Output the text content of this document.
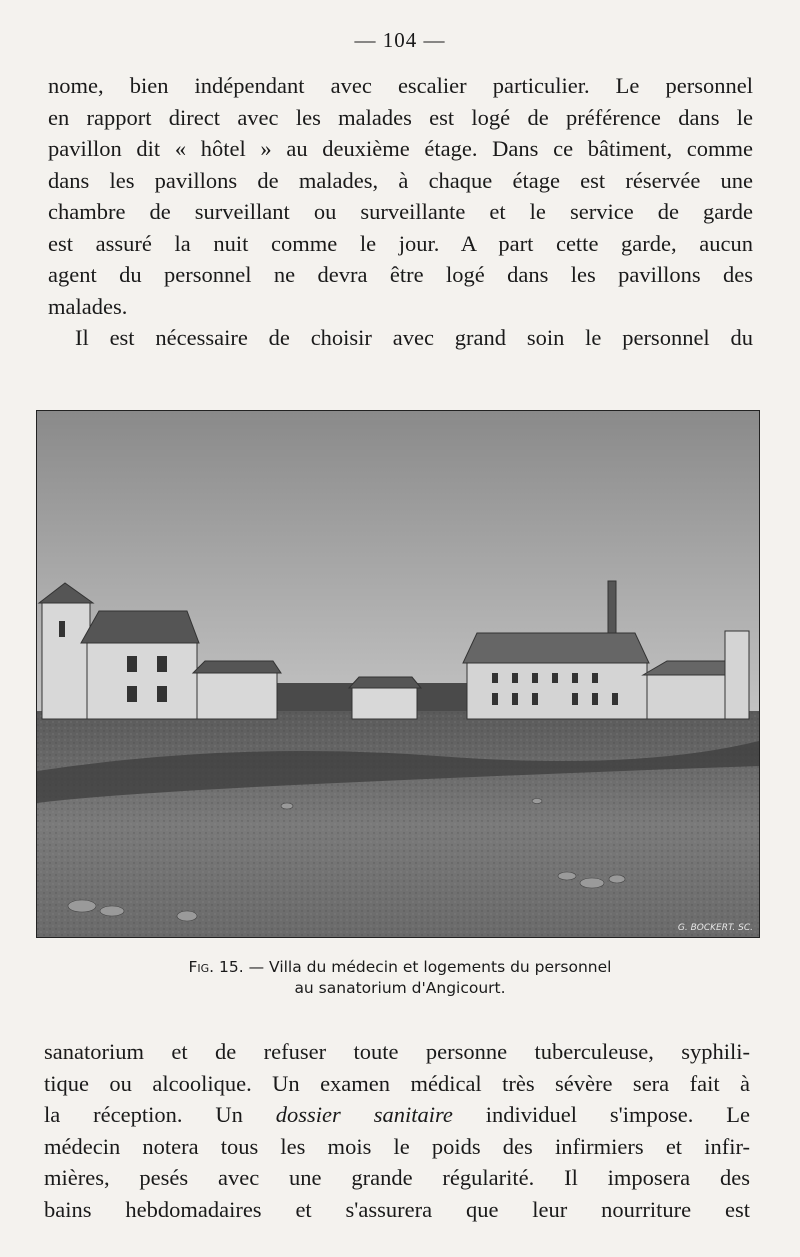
— 104 —
nome, bien indépendant avec escalier particulier. Le personnel
en rapport direct avec les malades est logé de préférence dans le
pavillon dit « hôtel » au deuxième étage. Dans ce bâtiment, comme
dans les pavillons de malades, à chaque étage est réservée une
chambre de surveillant ou surveillante et le service de garde
est assuré la nuit comme le jour. A part cette garde, aucun
agent du personnel ne devra être logé dans les pavillons des
malades.
Il est nécessaire de choisir avec grand soin le personnel du
G. BOCKERT. SC.
Fig. 15. — Villa du médecin et logements du personnel
au sanatorium d'Angicourt.
sanatorium et de refuser toute personne tuberculeuse, syphili-
tique ou alcoolique. Un examen médical très sévère sera fait à
la réception. Un dossier sanitaire individuel s'impose. Le
médecin notera tous les mois le poids des infirmiers et infir-
mières, pesés avec une grande régularité. Il imposera des
bains hebdomadaires et s'assurera que leur nourriture est
